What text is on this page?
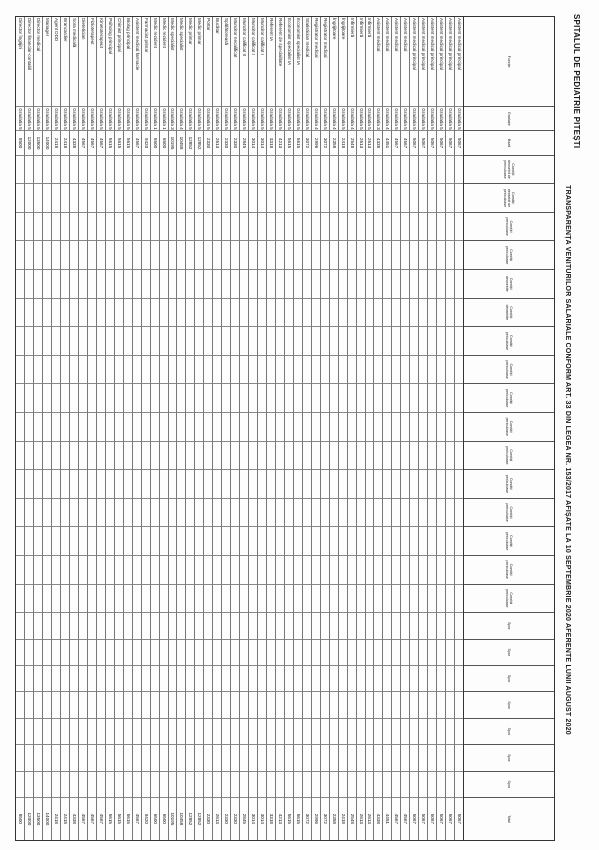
SPITALUL DE PEDIATRIE PITEȘTI
TRANSPARENȚA VENITURILOR SALARIALE CONFORM ART. 33 DIN LEGEA NR. 153/2017 AFIȘATE LA 10 SEPTEMBRIE 2020 AFERENTE LUNII AUGUST 2020
Funcție
Gradație
Bază
Condiții deosebit de periculoase
Condiții deosebit de periculoase
Condiții periculoase
Condiții periculoase
Condiții deosebite
Condiții deosebite
Condiții periculoase
Condiții periculoase
Condiții periculoase
Condiții periculoase
Condiții periculoase
Condiții periculoase
Condiții periculoase
Condiții periculoase
Condiții periculoase
Condiții periculoase
Spor
Spor
Spor
Spor
Spor
Spor
Spor
Total
Asistent medical principal
Gradatia 5
5067
5067
Asistent medical principal
Gradatia 5
5067
5067
Asistent medical principal
Gradatia 5
5067
5067
Asistent medical principal
Gradatia 5
5067
5067
Asistent medical principal
Gradatia 5
5067
5067
Asistent medical principal
Gradatia 5
5067
5067
Asistent medical
Gradatia 5
4567
4567
Asistent medical
Gradatia 5
4567
4567
Asistent medical
Gradatia 4
4451
4451
Asistent medical
Gradatia 3
4338
4338
Infirmieră
Gradatia 5
2613
2613
Infirmieră
Gradatia 5
2613
2613
Infirmieră
Gradatia 4
2548
2548
Îngrijitoare
Gradatia 5
2418
2418
Îngrijitoare
Gradatia 4
2358
2358
Registrator medical
Gradatia 5
3072
3072
Registrator medical
Gradatia 4
2996
2996
Statistician medical
Gradatia 5
3072
3072
Economist specialist IA
Gradatia 5
5615
5615
Economist specialist IA
Gradatia 5
5615
5615
Referent de specialitate
Gradatia 5
4213
4213
Referent IA
Gradatia 5
3318
3318
Muncitor calificat I
Gradatia 5
3014
3014
Muncitor calificat I
Gradatia 5
3014
3014
Muncitor calificat II
Gradatia 5
2845
2845
Muncitor necalificat
Gradatia 5
2330
2330
Spălătoreasă
Gradatia 5
2330
2330
Bucătar
Gradatia 5
2613
2613
Portar
Gradatia 5
2330
2330
Medic primar
Gradatia 5
12852
12852
Medic primar
Gradatia 5
12852
12852
Medic specialist
Gradatia 4
10458
10458
Medic specialist
Gradatia 3
10195
10195
Medic rezident
Gradatia 1
6500
6500
Medic rezident
Gradatia 1
6500
6500
Farmacist primar
Gradatia 5
9420
9420
Asistent medical farmacie
Gradatia 5
4567
4567
Biolog principal
Gradatia 5
5615
5615
Chimist principal
Gradatia 5
5615
5615
Psiholog principal
Gradatia 5
5615
5615
Kinetoterapeut
Gradatia 5
4567
4567
Fizioterapeut
Gradatia 5
4567
4567
Dietetician
Gradatia 5
4567
4567
Sora medicală
Gradatia 5
4338
4338
Brancardier
Gradatia 5
2418
2418
Agent DDD
Gradatia 5
2418
2418
Manager
Gradatia 5
14000
14000
Director medical
Gradatia 5
13500
13500
Director financiar-contabil
Gradatia 5
12000
12000
Director îngrijiri
Gradatia 5
8500
8500
